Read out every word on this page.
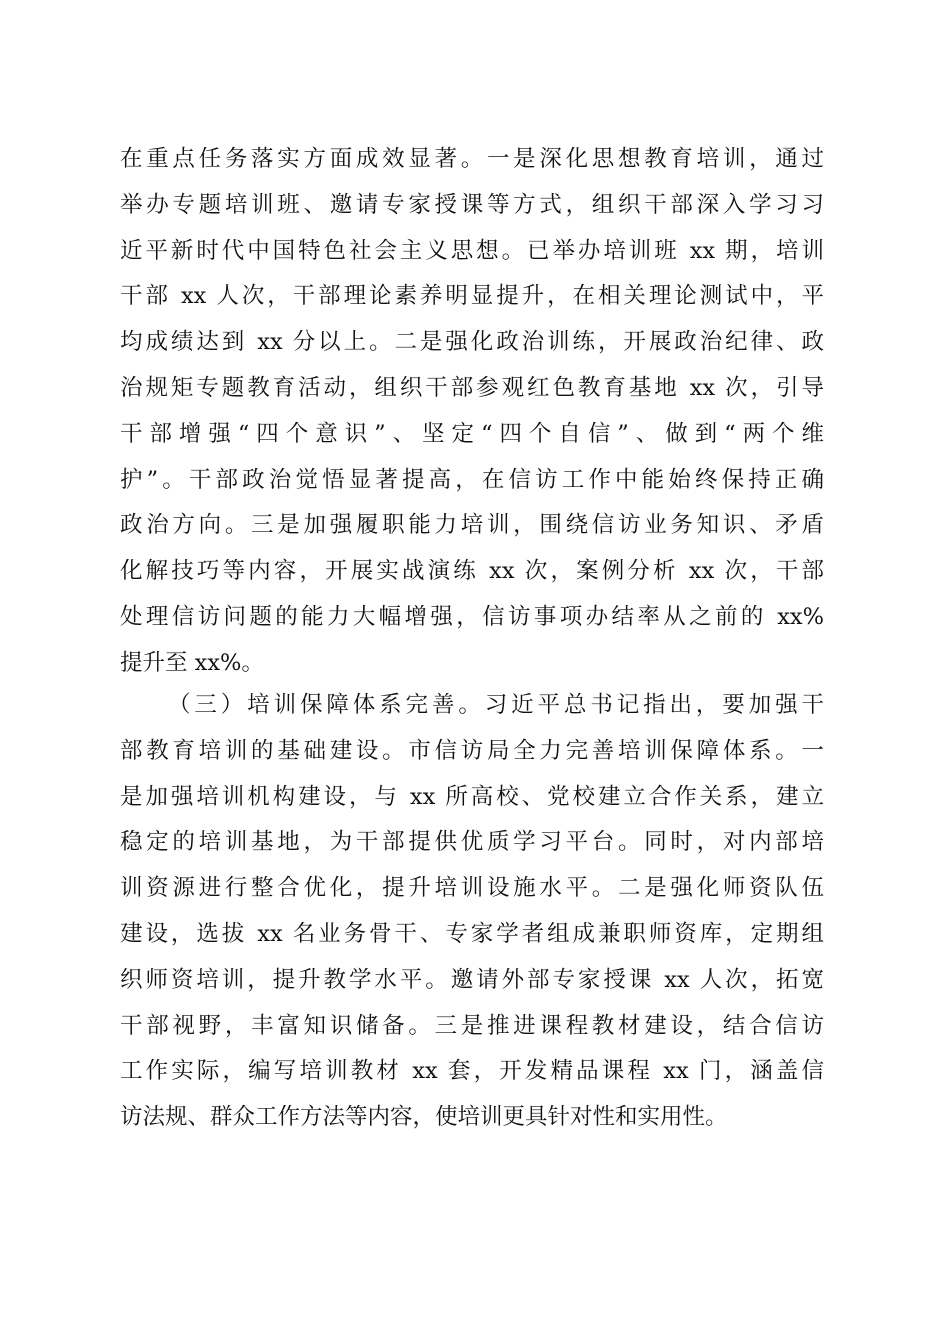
在重点任务落实方面成效显著。一是深化思想教育培训，通过
举办专题培训班、邀请专家授课等方式，组织干部深入学习习
近平新时代中国特色社会主义思想。已举办培训班 xx 期，培训
干部 xx 人次，干部理论素养明显提升，在相关理论测试中，平
均成绩达到 xx 分以上。二是强化政治训练，开展政治纪律、政
治规矩专题教育活动，组织干部参观红色教育基地 xx 次，引导
干部增强“四个意识”、坚定“四个自信”、做到“两个维
护”。干部政治觉悟显著提高，在信访工作中能始终保持正确
政治方向。三是加强履职能力培训，围绕信访业务知识、矛盾
化解技巧等内容，开展实战演练 xx 次，案例分析 xx 次，干部
处理信访问题的能力大幅增强，信访事项办结率从之前的 xx%
提升至 xx%。
（三）培训保障体系完善。习近平总书记指出，要加强干
部教育培训的基础建设。市信访局全力完善培训保障体系。一
是加强培训机构建设，与 xx 所高校、党校建立合作关系，建立
稳定的培训基地，为干部提供优质学习平台。同时，对内部培
训资源进行整合优化，提升培训设施水平。二是强化师资队伍
建设，选拔 xx 名业务骨干、专家学者组成兼职师资库，定期组
织师资培训，提升教学水平。邀请外部专家授课 xx 人次，拓宽
干部视野，丰富知识储备。三是推进课程教材建设，结合信访
工作实际，编写培训教材 xx 套，开发精品课程 xx 门，涵盖信
访法规、群众工作方法等内容，使培训更具针对性和实用性。
